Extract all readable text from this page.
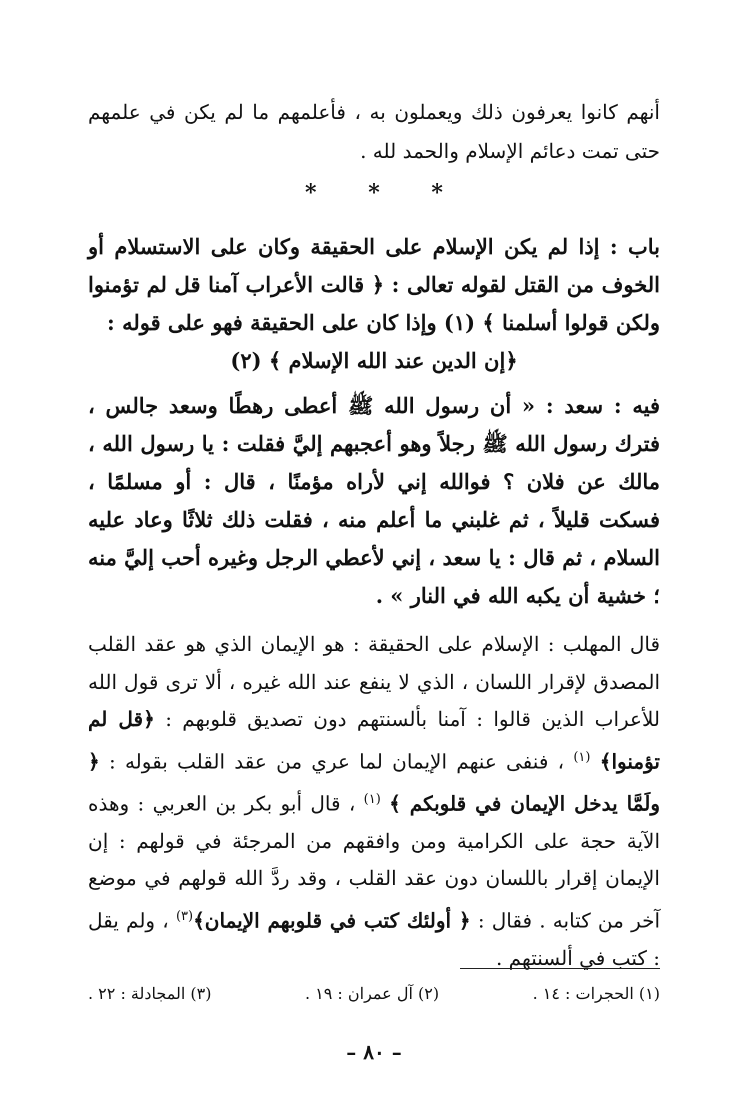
أنهم كانوا يعرفون ذلك ويعملون به ، فأعلمهم ما لم يكن في علمهم حتى تمت دعائم الإسلام والحمد لله .
* * *
باب : إذا لم يكن الإسلام على الحقيقة وكان على الاستسلام أو الخوف من القتل لقوله تعالى : ﴿ قالت الأعراب آمنا قل لم تؤمنوا ولكن قولوا أسلمنا ﴾ (١) وإذا كان على الحقيقة فهو على قوله :
﴿إن الدين عند الله الإسلام ﴾ (٢)
فيه : سعد : « أن رسول الله ﷺ أعطى رهطًا وسعد جالس ، فترك رسول الله ﷺ رجلاً وهو أعجبهم إليَّ فقلت : يا رسول الله ، مالك عن فلان ؟ فوالله إني لأراه مؤمنًا ، قال : أو مسلمًا ، فسكت قليلاً ، ثم غلبني ما أعلم منه ، فقلت ذلك ثلاثًا وعاد عليه السلام ، ثم قال : يا سعد ، إني لأعطي الرجل وغيره أحب إليَّ منه ؛ خشية أن يكبه الله في النار » .
قال المهلب : الإسلام على الحقيقة : هو الإيمان الذي هو عقد القلب المصدق لإقرار اللسان ، الذي لا ينفع عند الله غيره ، ألا ترى قول الله للأعراب الذين قالوا : آمنا بألسنتهم دون تصديق قلوبهم : ﴿قل لم تؤمنوا﴾ $^{(١)}$ ، فنفى عنهم الإيمان لما عري من عقد القلب بقوله : ﴿ ولَمَّا يدخل الإيمان في قلوبكم ﴾ $^{(١)}$ ، قال أبو بكر بن العربي : وهذه الآية حجة على الكرامية ومن وافقهم من المرجئة في قولهم : إن الإيمان إقرار باللسان دون عقد القلب ، وقد ردَّ الله قولهم في موضع آخر من كتابه . فقال : ﴿ أولئك كتب في قلوبهم الإيمان﴾$^{(٣)}$ ، ولم يقل : كتب في ألسنتهم .
(١) الحجرات : ١٤ .
(٢) آل عمران : ١٩ .
(٣) المجادلة : ٢٢ .
– ٨٠ –
